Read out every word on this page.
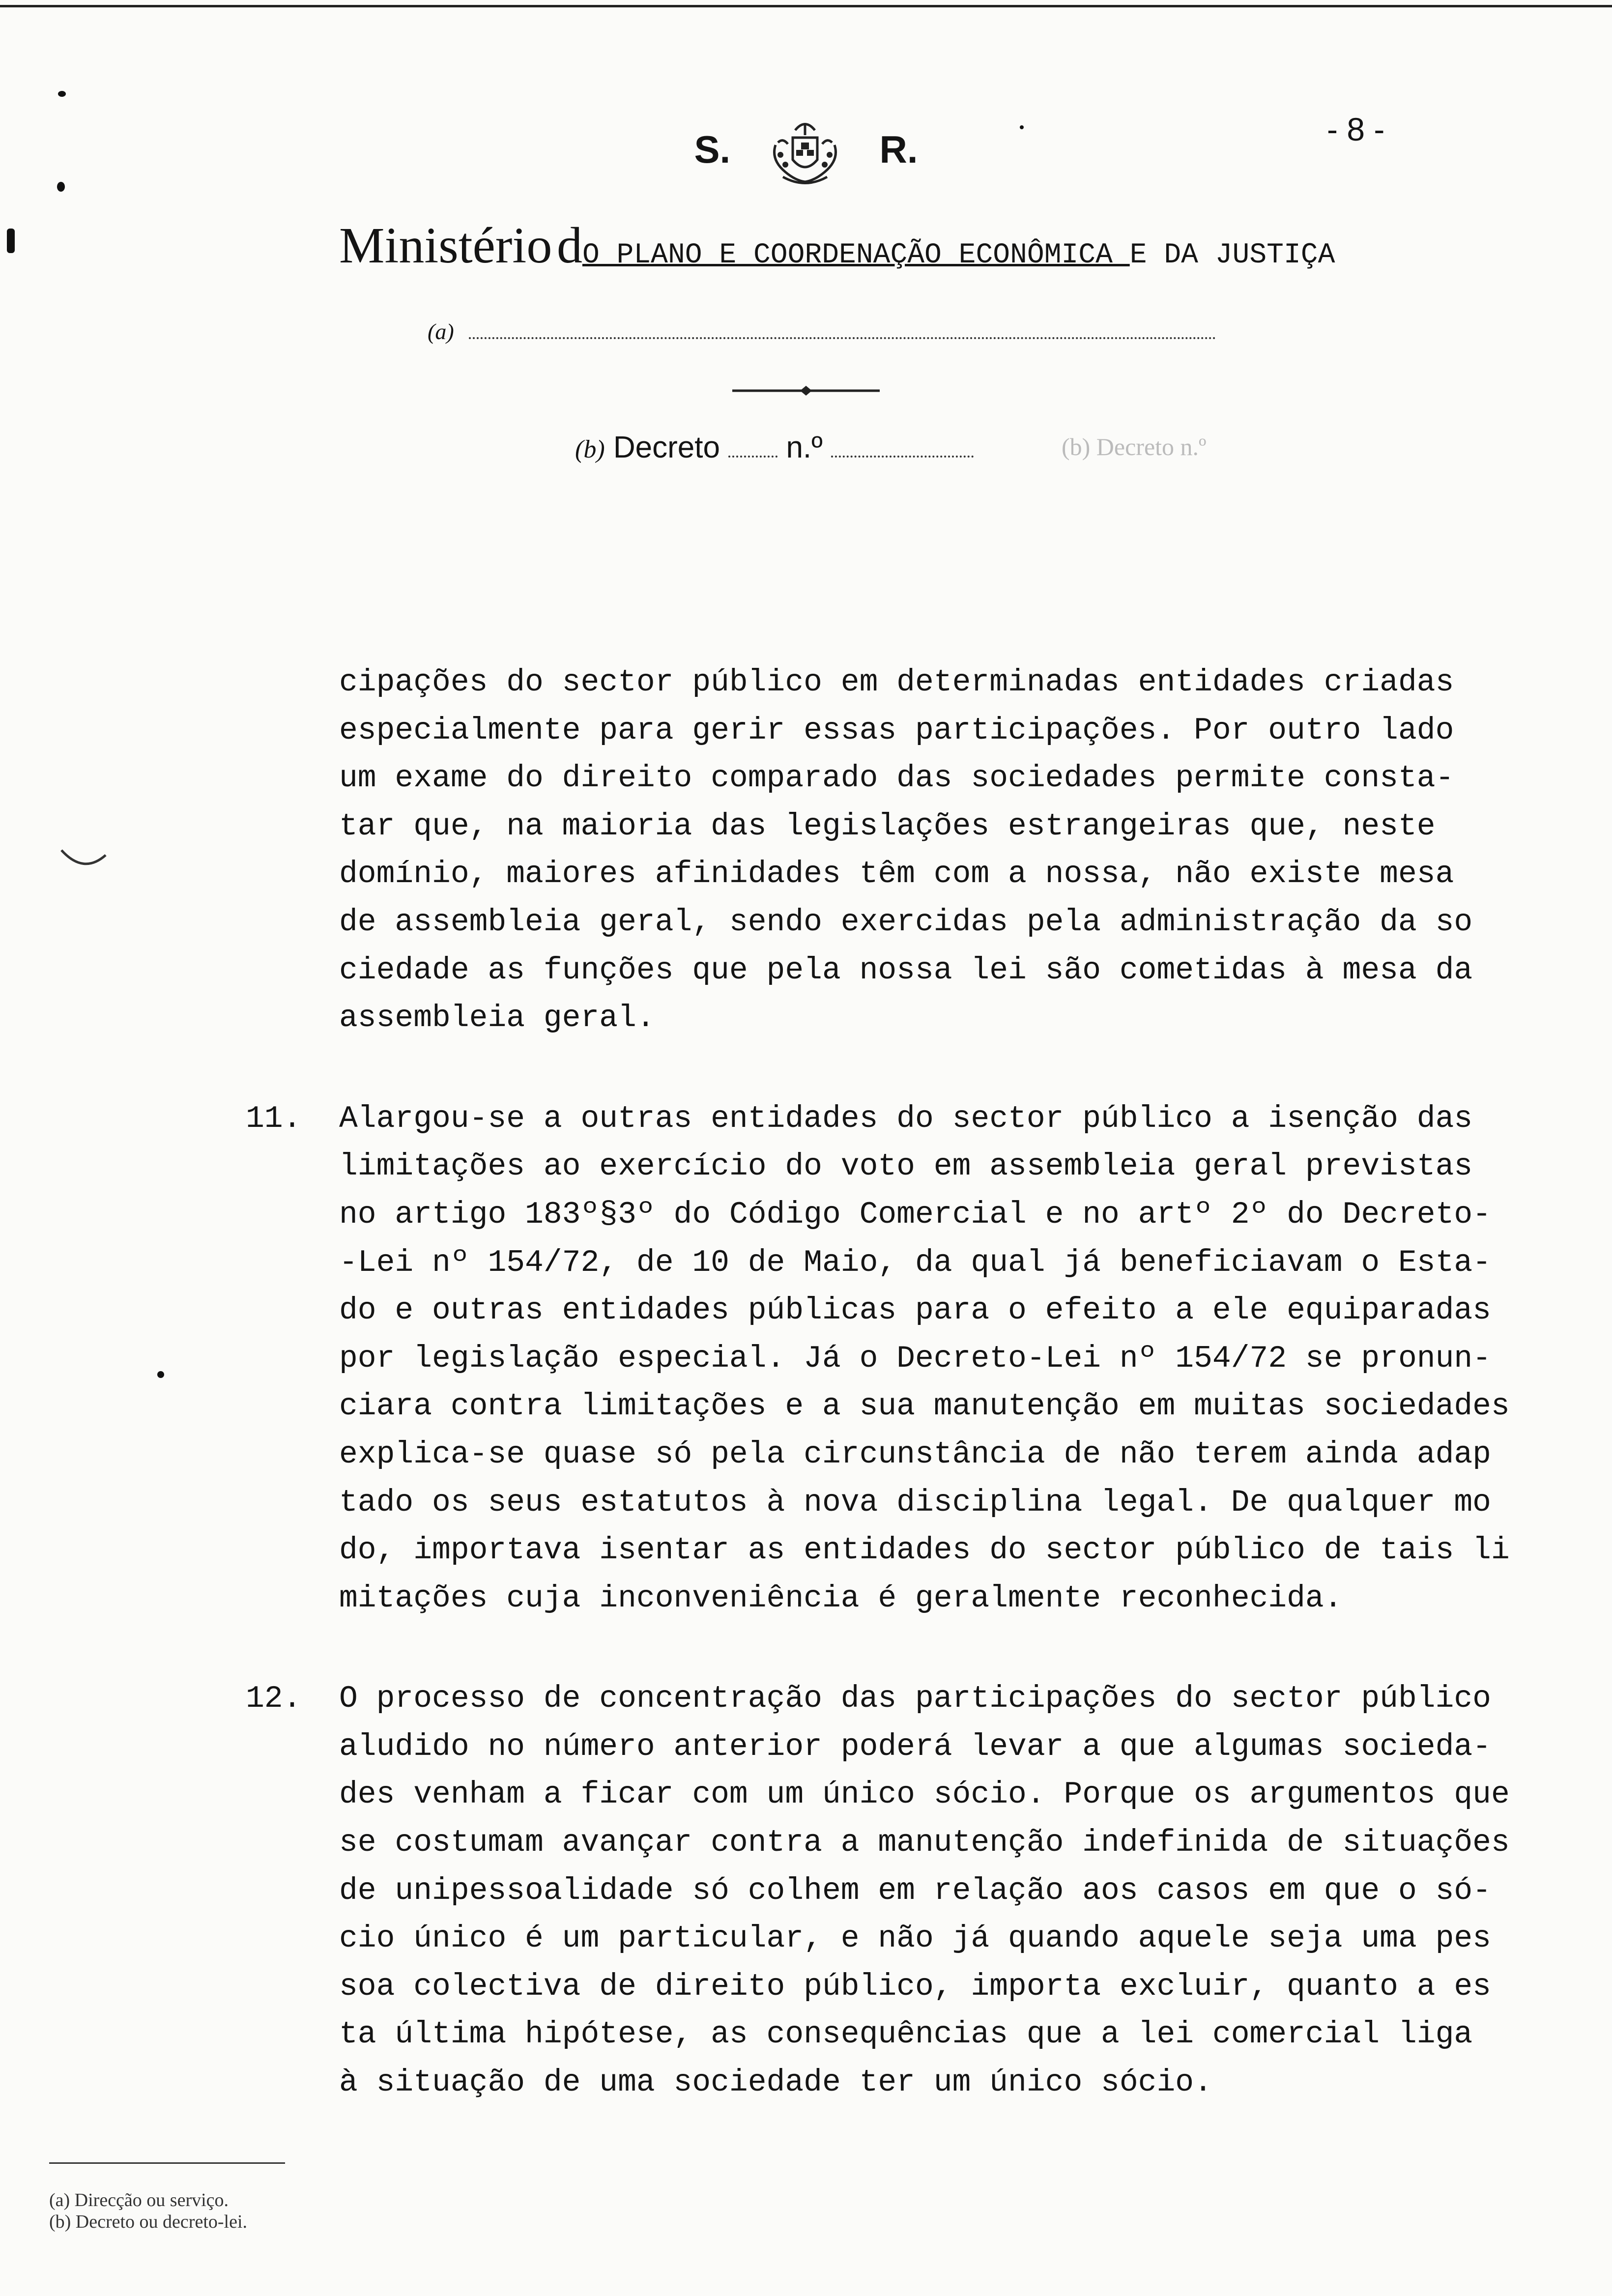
- 8 -
S.	R.
Ministério dO PLANO E COORDENAÇÃO ECONÔMICA E DA JUSTIÇA
(a)
(b) Decreto n.º	(b) Decreto n.º

cipações do sector público em determinadas entidades criadas

especialmente para gerir essas participações. Por outro lado

um exame do direito comparado das sociedades permite consta-

tar que, na maioria das legislações estrangeiras que, neste

domínio, maiores afinidades têm com a nossa, não existe mesa

de assembleia geral, sendo exercidas pela administração da so

ciedade as funções que pela nossa lei são cometidas à mesa da

assembleia geral.

11. Alargou-se a outras entidades do sector público a isenção das

limitações ao exercício do voto em assembleia geral previstas

no artigo 183º§3º do Código Comercial e no artº 2º do Decreto-

-Lei nº 154/72, de 10 de Maio, da qual já beneficiavam o Esta-

do e outras entidades públicas para o efeito a ele equiparadas

por legislação especial. Já o Decreto-Lei nº 154/72 se pronun-

ciara contra limitações e a sua manutenção em muitas sociedades

explica-se quase só pela circunstância de não terem ainda adap

tado os seus estatutos à nova disciplina legal. De qualquer mo

do, importava isentar as entidades do sector público de tais li

mitações cuja inconveniência é geralmente reconhecida.

12. O processo de concentração das participações do sector público

aludido no número anterior poderá levar a que algumas socieda-

des venham a ficar com um único sócio. Porque os argumentos que

se costumam avançar contra a manutenção indefinida de situações

de unipessoalidade só colhem em relação aos casos em que o só-

cio único é um particular, e não já quando aquele seja uma pes

soa colectiva de direito público, importa excluir, quanto a es

ta última hipótese, as consequências que a lei comercial liga

à situação de uma sociedade ter um único sócio.

(a) Direcção ou serviço.
(b) Decreto ou decreto-lei.
